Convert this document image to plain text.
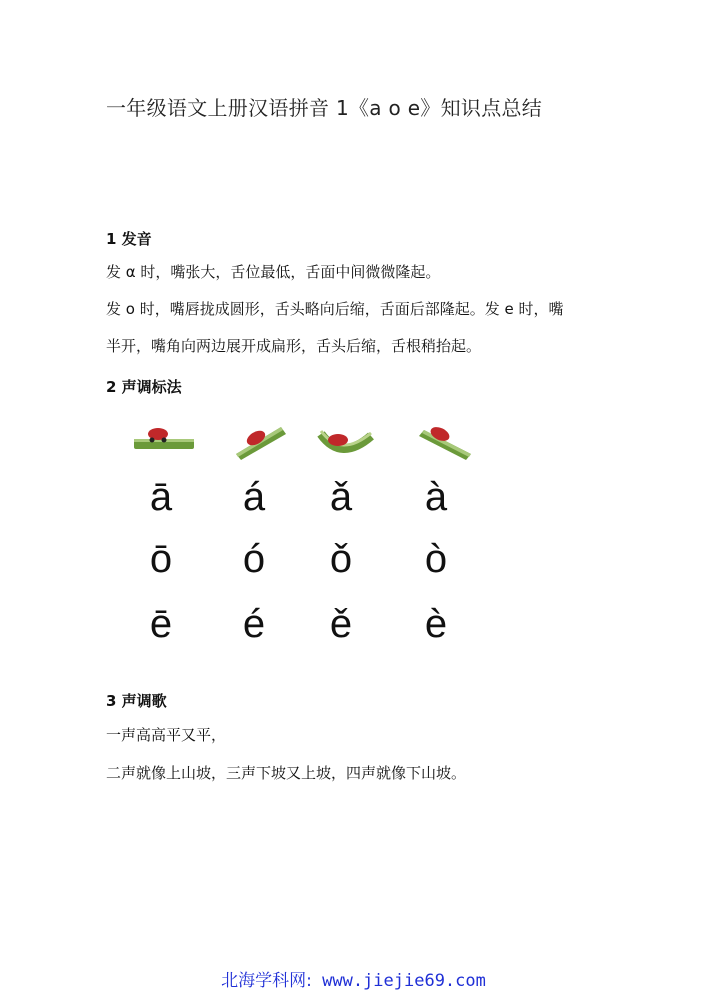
一年级语文上册汉语拼音 1《a o e》知识点总结
1 发音
发 α 时，嘴张大，舌位最低，舌面中间微微隆起。
发 o 时，嘴唇拢成圆形，舌头略向后缩，舌面后部隆起。发 e 时，嘴
半开，嘴角向两边展开成扁形，舌头后缩，舌根稍抬起。
2 声调标法
ā á ǎ à
ō ó ǒ ò
ē é ě è
3 声调歌
一声高高平又平，
二声就像上山坡，三声下坡又上坡，四声就像下山坡。
北海学科网: www.jiejie69.com
